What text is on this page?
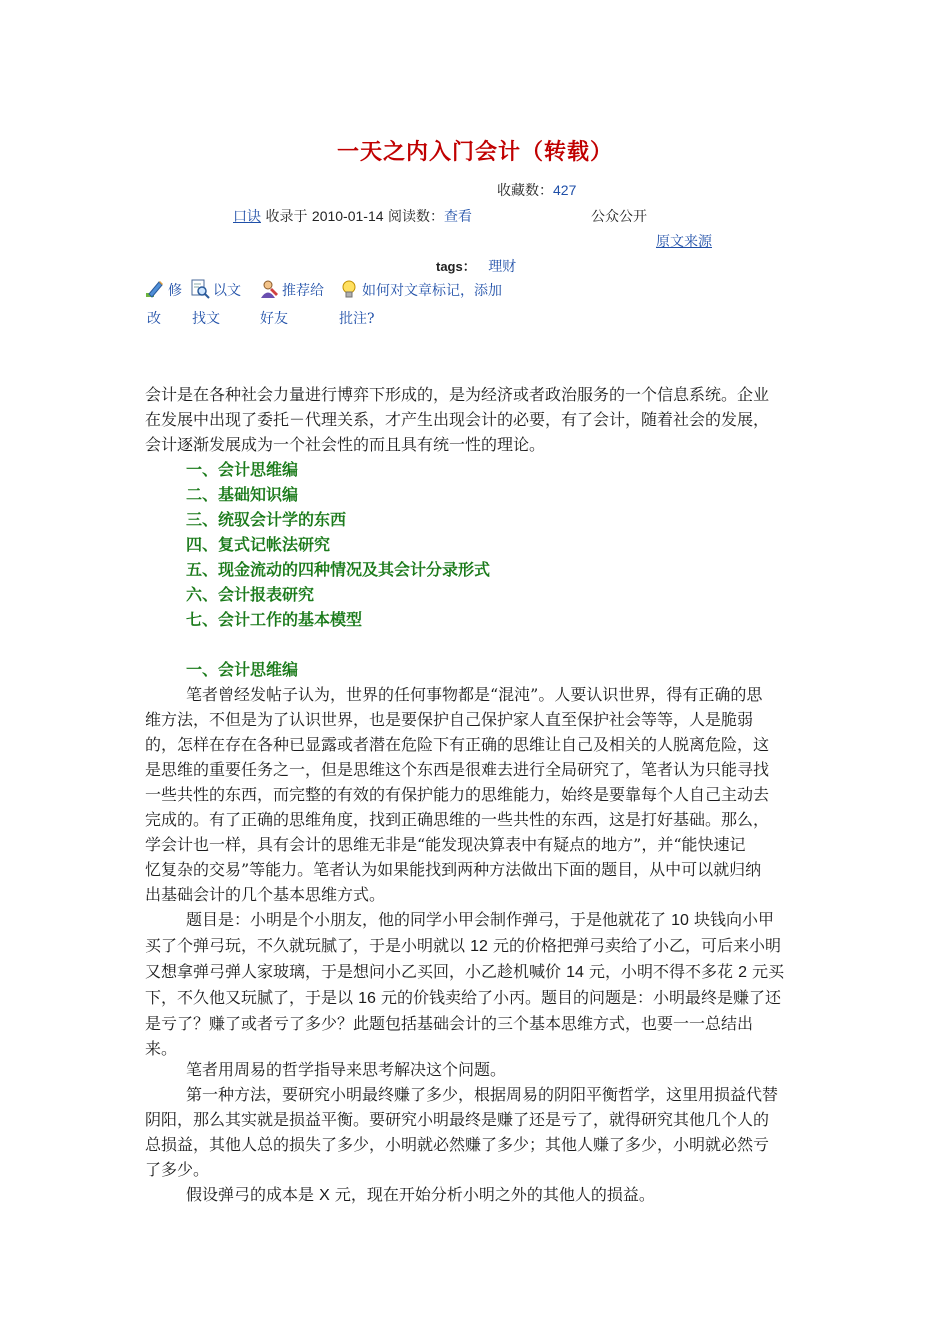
一天之内入门会计（转载）
收藏数：427
口诀 收录于 2010-01-14 阅读数：查看	公众公开
原文来源
tags： 理财
修
改
以文
找文
推荐给
好友
如何对文章标记，添加
批注?
会计是在各种社会力量进行博弈下形成的，是为经济或者政治服务的一个信息系统。企业
在发展中出现了委托－代理关系，才产生出现会计的必要，有了会计，随着社会的发展，
会计逐渐发展成为一个社会性的而且具有统一性的理论。
一、会计思维编
二、基础知识编
三、统驭会计学的东西
四、复式记帐法研究
五、现金流动的四种情况及其会计分录形式
六、会计报表研究
七、会计工作的基本模型
一、会计思维编
笔者曾经发帖子认为，世界的任何事物都是“混沌”。人要认识世界，得有正确的思
维方法，不但是为了认识世界，也是要保护自己保护家人直至保护社会等等，人是脆弱
的，怎样在存在各种已显露或者潜在危险下有正确的思维让自己及相关的人脱离危险，这
是思维的重要任务之一，但是思维这个东西是很难去进行全局研究了，笔者认为只能寻找
一些共性的东西，而完整的有效的有保护能力的思维能力，始终是要靠每个人自己主动去
完成的。有了正确的思维角度，找到正确思维的一些共性的东西，这是打好基础。那么，
学会计也一样，具有会计的思维无非是“能发现决算表中有疑点的地方”，并“能快速记
忆复杂的交易”等能力。笔者认为如果能找到两种方法做出下面的题目，从中可以就归纳
出基础会计的几个基本思维方式。
题目是：小明是个小朋友，他的同学小甲会制作弹弓，于是他就花了 10 块钱向小甲
买了个弹弓玩，不久就玩腻了，于是小明就以 12 元的价格把弹弓卖给了小乙，可后来小明
又想拿弹弓弹人家玻璃，于是想问小乙买回，小乙趁机喊价 14 元，小明不得不多花 2 元买
下，不久他又玩腻了，于是以 16 元的价钱卖给了小丙。题目的问题是：小明最终是赚了还
是亏了？赚了或者亏了多少？此题包括基础会计的三个基本思维方式，也要一一总结出
来。
笔者用周易的哲学指导来思考解决这个问题。
第一种方法，要研究小明最终赚了多少，根据周易的阴阳平衡哲学，这里用损益代替
阴阳，那么其实就是损益平衡。要研究小明最终是赚了还是亏了，就得研究其他几个人的
总损益，其他人总的损失了多少，小明就必然赚了多少；其他人赚了多少，小明就必然亏
了多少。
假设弹弓的成本是 X 元，现在开始分析小明之外的其他人的损益。
